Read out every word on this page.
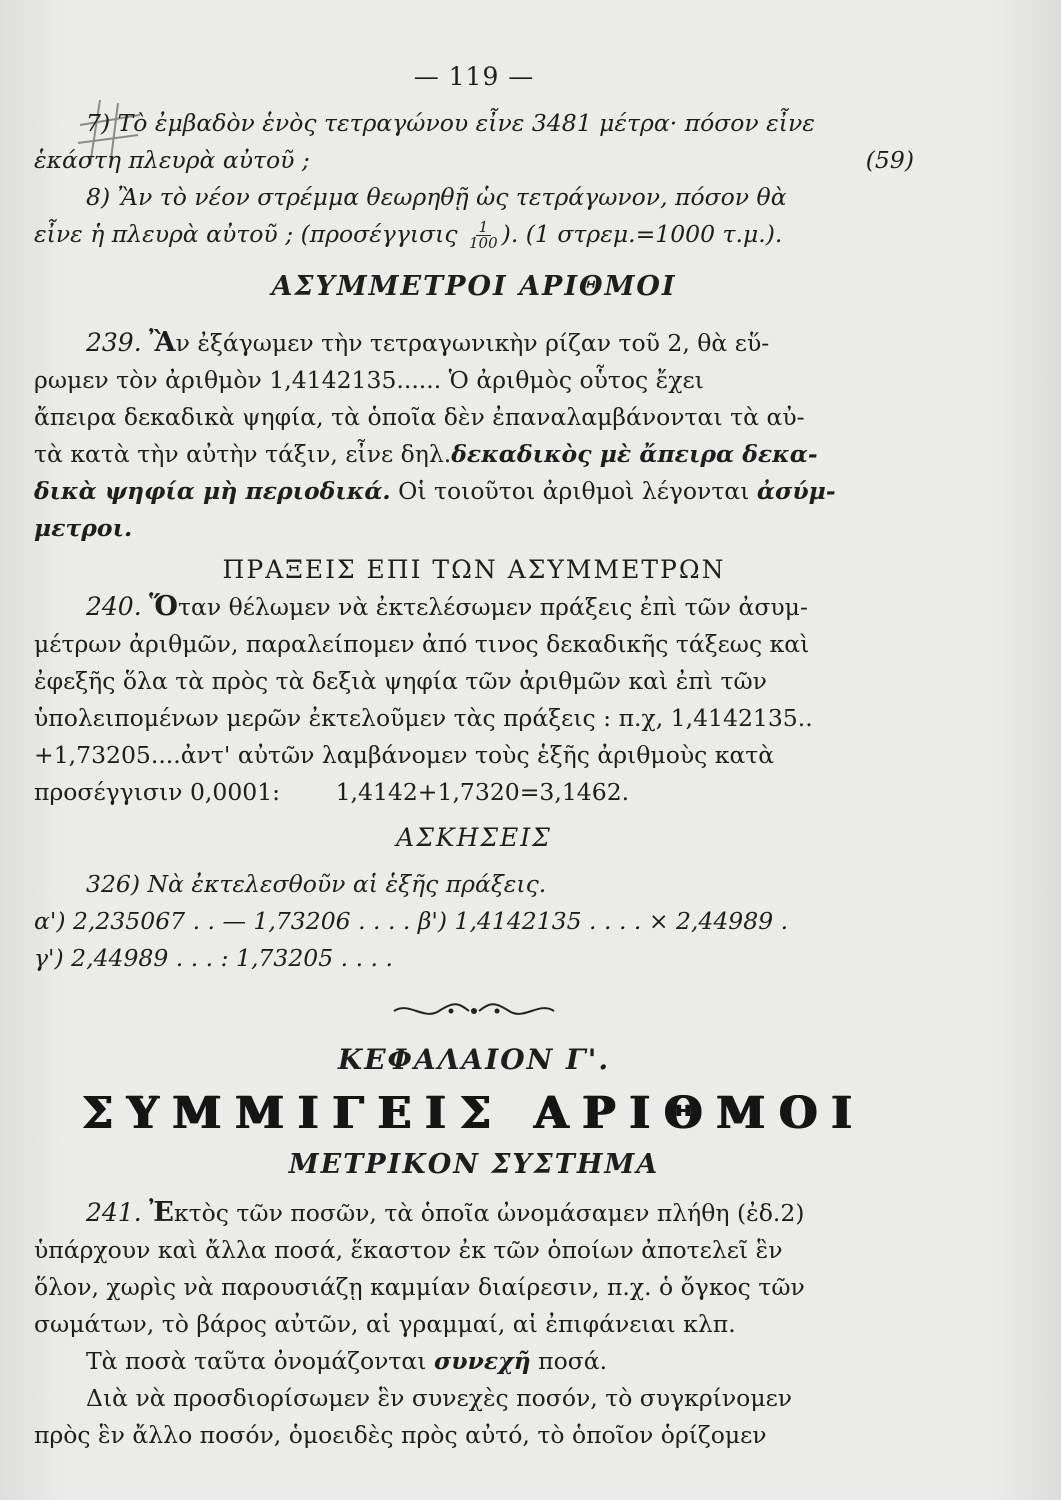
— 119 —

7) Τὸ ἐμβαδὸν ἑνὸς τετραγώνου εἶνε 3481 μέτρα· πόσον εἶνε

ἑκάστη πλευρὰ αὐτοῦ ;	(59)

8) Ἂν τὸ νέον στρέμμα θεωρηθῇ ὡς τετράγωνον, πόσον θὰ

εἶνε ἡ πλευρὰ αὐτοῦ ; ($\pi\rho o\sigma έ\gamma\gamma\iota\sigma\iota\varsigma \frac{1}{100}$ ). (1 στρεμ.=1000 τ.μ.).

ΑΣΥΜΜΕΤΡΟΙ ΑΡΙΘΜΟΙ

239. Ἂν ἐξάγωμεν τὴν τετραγωνικὴν ρίζαν τοῦ 2, θὰ εὕ-

ρωμεν τὸν ἀριθμὸν 1,4142135...... Ὁ ἀριθμὸς οὗτος ἔχει

ἄπειρα δεκαδικὰ ψηφία, τὰ ὁποῖα δὲν ἐπαναλαμβάνονται τὰ αὐ-

τὰ κατὰ τὴν αὐτὴν τάξιν, εἶνε δηλ.δεκαδικὸς μὲ ἄπειρα δεκα-

δικὰ ψηφία μὴ περιοδικά. Οἱ τοιοῦτοι ἀριθμοὶ λέγονται ἀσύμ-

μετροι.

ΠΡΑΞΕΙΣ ΕΠΙ ΤΩΝ ΑΣΥΜΜΕΤΡΩΝ

240. Ὅταν θέλωμεν νὰ ἐκτελέσωμεν πράξεις ἐπὶ τῶν ἀσυμ-

μέτρων ἀριθμῶν, παραλείπομεν ἀπό τινος δεκαδικῆς τάξεως καὶ

ἐφεξῆς ὅλα τὰ πρὸς τὰ δεξιὰ ψηφία τῶν ἀριθμῶν καὶ ἐπὶ τῶν

ὑπολειπομένων μερῶν ἐκτελοῦμεν τὰς πράξεις : π.χ, 1,4142135..

+1,73205....ἀντ' αὐτῶν λαμβάνομεν τοὺς ἑξῆς ἀριθμοὺς κατὰ

προσέγγισιν 0,0001: 1,4142+1,7320=3,1462.

ΑΣΚΗΣΕΙΣ

326) Νὰ ἐκτελεσθοῦν αἱ ἑξῆς πράξεις.

α') 2,235067 . . — 1,73206 . . . . β') 1,4142135 . . . . × 2,44989 .

γ') 2,44989 . . . : 1,73205 . . . .

ΚΕΦΑΛΑΙΟΝ Γ'.
ΣΥΜΜΙΓΕΙΣ ΑΡΙΘΜΟΙ
ΜΕΤΡΙΚΟΝ ΣΥΣΤΗΜΑ

241. Ἐκτὸς τῶν ποσῶν, τὰ ὁποῖα ὠνομάσαμεν πλήθη (ἐδ.2)

ὑπάρχουν καὶ ἄλλα ποσά, ἕκαστον ἐκ τῶν ὁποίων ἀποτελεῖ ἓν

ὅλον, χωρὶς νὰ παρουσιάζῃ καμμίαν διαίρεσιν, π.χ. ὁ ὄγκος τῶν

σωμάτων, τὸ βάρος αὐτῶν, αἱ γραμμαί, αἱ ἐπιφάνειαι κλπ.

Τὰ ποσὰ ταῦτα ὀνομάζονται συνεχῆ ποσά.

Διὰ νὰ προσδιορίσωμεν ἓν συνεχὲς ποσόν, τὸ συγκρίνομεν

πρὸς ἓν ἄλλο ποσόν, ὁμοειδὲς πρὸς αὐτό, τὸ ὁποῖον ὁρίζομεν
